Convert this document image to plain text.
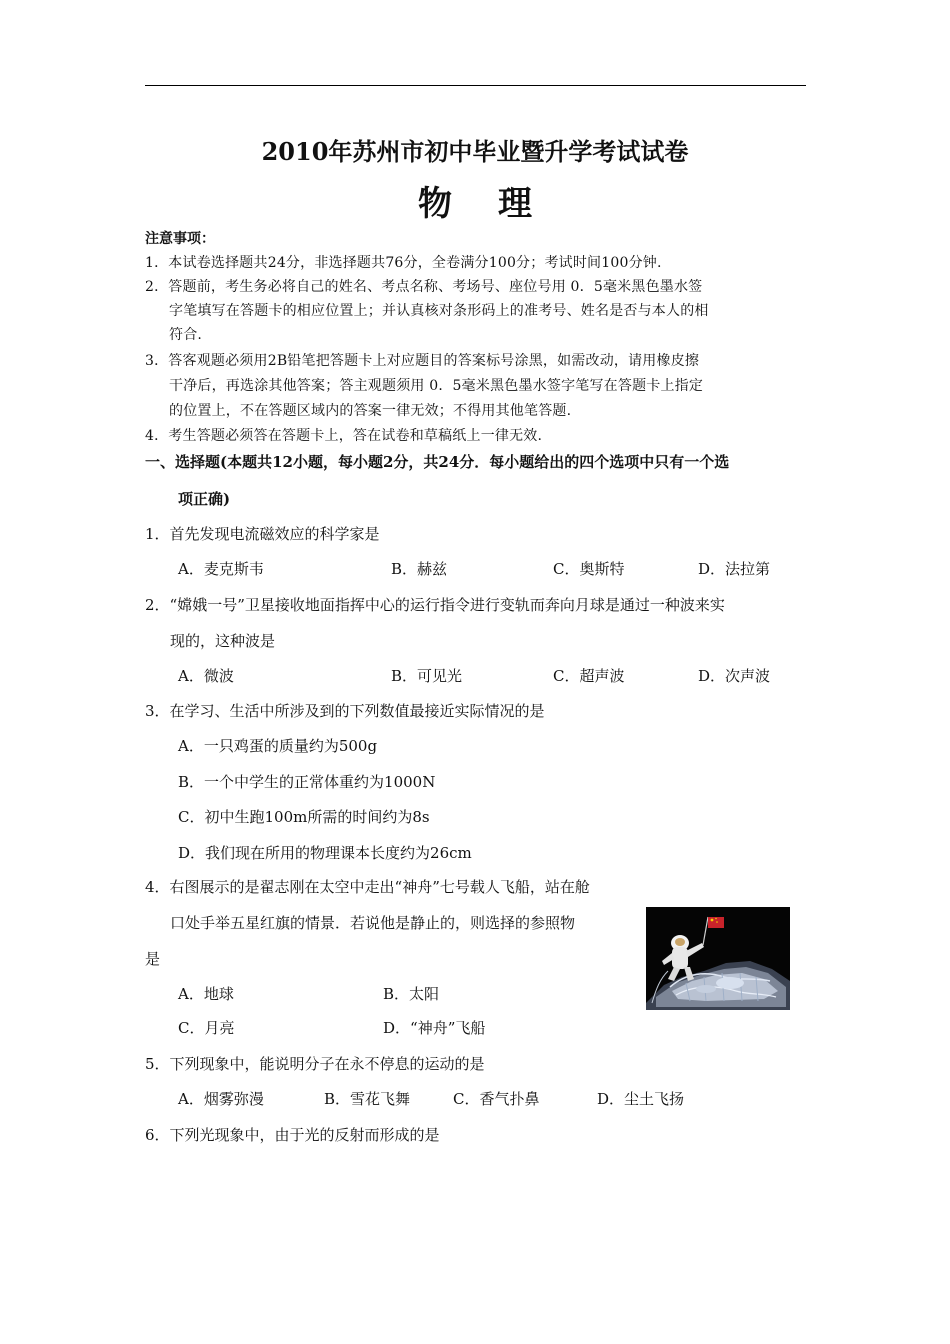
2010年苏州市初中毕业暨升学考试试卷
物理
注意事项：
1．本试卷选择题共24分，非选择题共76分，全卷满分100分；考试时间100分钟.
2．答题前，考生务必将自己的姓名、考点名称、考场号、座位号用 0．5毫米黑色墨水签
字笔填写在答题卡的相应位置上；并认真核对条形码上的准考号、姓名是否与本人的相
符合.
3．答客观题必须用2B铅笔把答题卡上对应题目的答案标号涂黑，如需改动，请用橡皮擦
干净后，再选涂其他答案；答主观题须用 0．5毫米黑色墨水签字笔写在答题卡上指定
的位置上，不在答题区域内的答案一律无效；不得用其他笔答题.
4．考生答题必须答在答题卡上，答在试卷和草稿纸上一律无效.
一、选择题(本题共12小题，每小题2分，共24分．每小题给出的四个选项中只有一个选
项正确)
1．首先发现电流磁效应的科学家是
A．麦克斯韦	B．赫兹	C．奥斯特	D．法拉第
2．“嫦娥一号”卫星接收地面指挥中心的运行指令进行变轨而奔向月球是通过一种波来实
现的，这种波是
A．微波	B．可见光	C．超声波	D．次声波
3．在学习、生活中所涉及到的下列数值最接近实际情况的是
A．一只鸡蛋的质量约为500g
B．一个中学生的正常体重约为1000N
C．初中生跑100m所需的时间约为8s
D．我们现在所用的物理课本长度约为26cm
4．右图展示的是翟志刚在太空中走出“神舟”七号载人飞船，站在舱
口处手举五星红旗的情景．若说他是静止的，则选择的参照物
是
A．地球	B．太阳
C．月亮	D．“神舟”飞船
5．下列现象中，能说明分子在永不停息的运动的是
A．烟雾弥漫	B．雪花飞舞	C．香气扑鼻	D．尘土飞扬
6．下列光现象中，由于光的反射而形成的是
